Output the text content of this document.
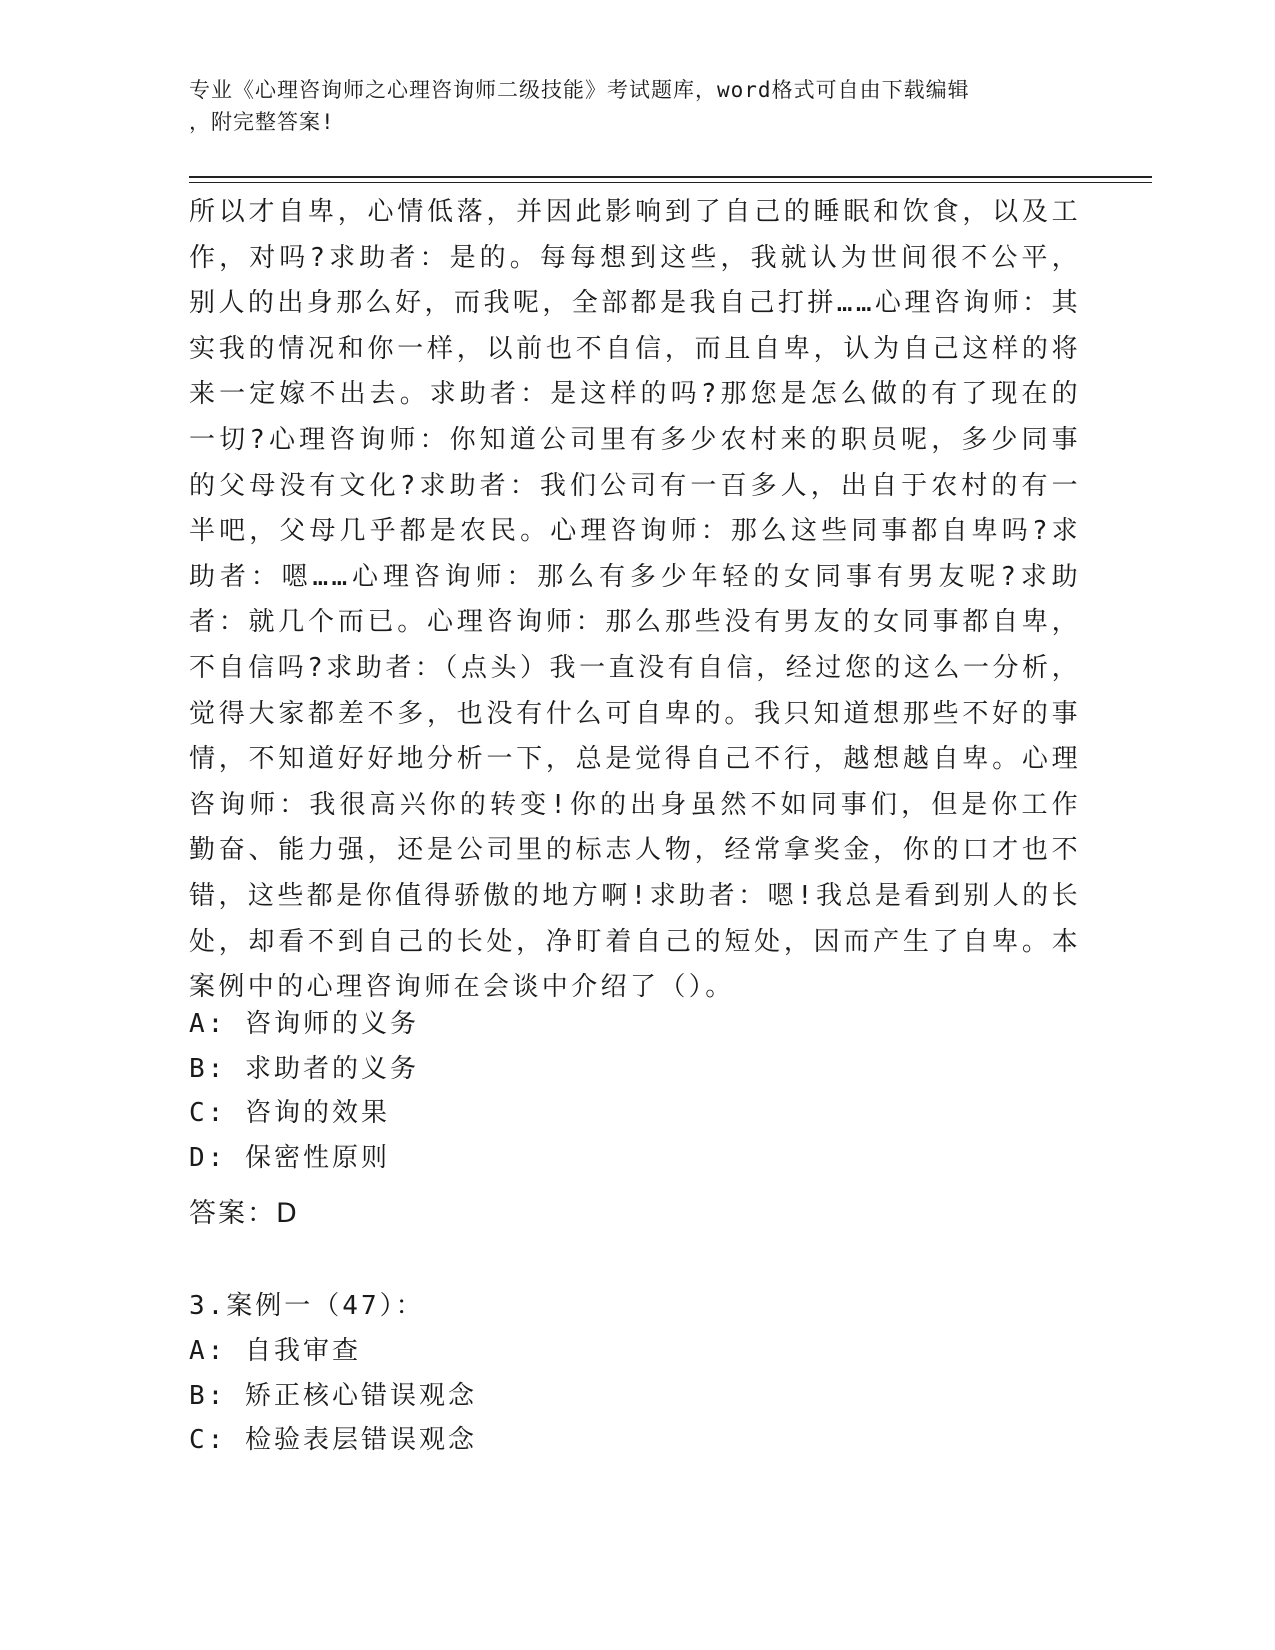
专业《心理咨询师之心理咨询师二级技能》考试题库，word格式可自由下载编辑
，附完整答案!
所以才自卑，心情低落，并因此影响到了自己的睡眠和饮食，以及工作，对吗?求助者：是的。每每想到这些，我就认为世间很不公平，别人的出身那么好，而我呢，全部都是我自己打拼……心理咨询师：其实我的情况和你一样，以前也不自信，而且自卑，认为自己这样的将来一定嫁不出去。求助者：是这样的吗?那您是怎么做的有了现在的一切?心理咨询师：你知道公司里有多少农村来的职员呢，多少同事的父母没有文化?求助者：我们公司有一百多人，出自于农村的有一半吧，父母几乎都是农民。心理咨询师：那么这些同事都自卑吗?求助者：嗯……心理咨询师：那么有多少年轻的女同事有男友呢?求助者：就几个而已。心理咨询师：那么那些没有男友的女同事都自卑，不自信吗?求助者：（点头）我一直没有自信，经过您的这么一分析，觉得大家都差不多，也没有什么可自卑的。我只知道想那些不好的事情，不知道好好地分析一下，总是觉得自己不行，越想越自卑。心理咨询师：我很高兴你的转变!你的出身虽然不如同事们，但是你工作勤奋、能力强，还是公司里的标志人物，经常拿奖金，你的口才也不错，这些都是你值得骄傲的地方啊!求助者：嗯!我总是看到别人的长处，却看不到自己的长处，净盯着自己的短处，因而产生了自卑。本案例中的心理咨询师在会谈中介绍了（）。
A: 咨询师的义务
B: 求助者的义务
C: 咨询的效果
D: 保密性原则
答案：D
3.案例一（47）：
A: 自我审查
B: 矫正核心错误观念
C: 检验表层错误观念
